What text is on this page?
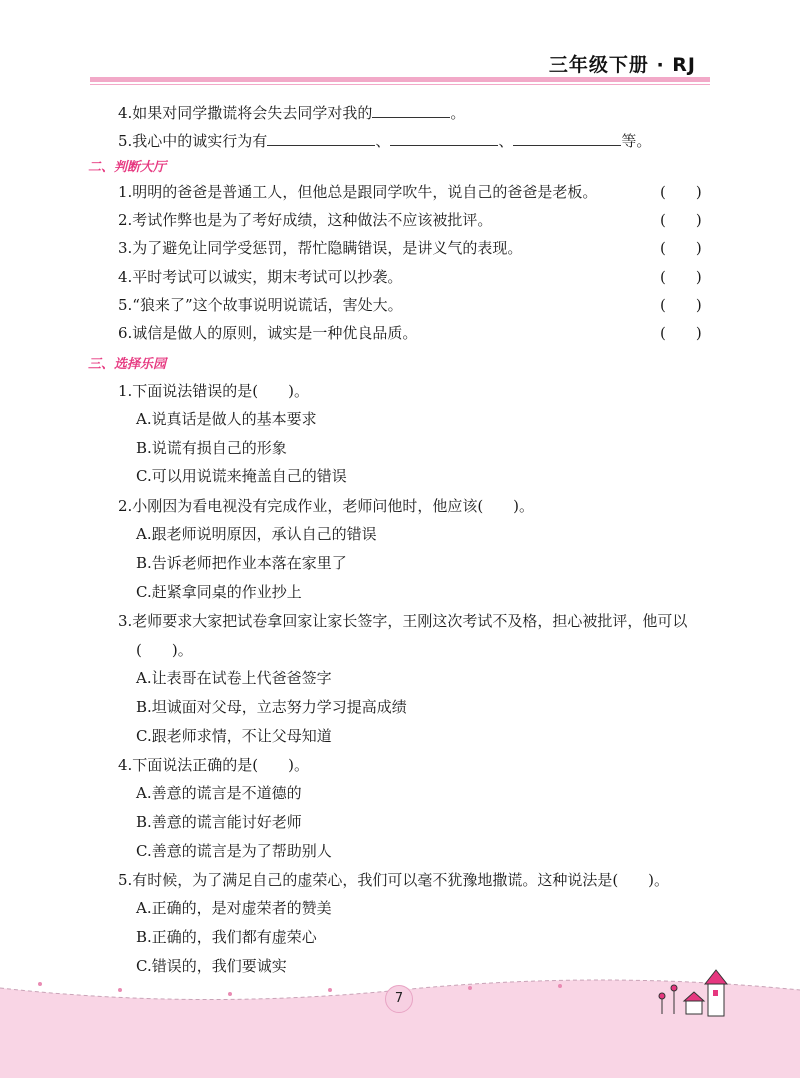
三年级下册 · RJ
4.如果对同学撒谎将会失去同学对我的	。
5.我心中的诚实行为有	、	、	等。
二、判断大厅
1.明明的爸爸是普通工人，但他总是跟同学吹牛，说自己的爸爸是老板。	(　　)
2.考试作弊也是为了考好成绩，这种做法不应该被批评。	(　　)
3.为了避免让同学受惩罚，帮忙隐瞒错误，是讲义气的表现。	(　　)
4.平时考试可以诚实，期末考试可以抄袭。	(　　)
5.“狼来了”这个故事说明说谎话，害处大。	(　　)
6.诚信是做人的原则，诚实是一种优良品质。	(　　)
三、选择乐园
1.下面说法错误的是(　　)。
A.说真话是做人的基本要求
B.说谎有损自己的形象
C.可以用说谎来掩盖自己的错误
2.小刚因为看电视没有完成作业，老师问他时，他应该(　　)。
A.跟老师说明原因，承认自己的错误
B.告诉老师把作业本落在家里了
C.赶紧拿同桌的作业抄上
3.老师要求大家把试卷拿回家让家长签字，王刚这次考试不及格，担心被批评，他可以
(　　)。
A.让表哥在试卷上代爸爸签字
B.坦诚面对父母，立志努力学习提高成绩
C.跟老师求情，不让父母知道
4.下面说法正确的是(　　)。
A.善意的谎言是不道德的
B.善意的谎言能讨好老师
C.善意的谎言是为了帮助别人
5.有时候，为了满足自己的虚荣心，我们可以毫不犹豫地撒谎。这种说法是(　　)。
A.正确的，是对虚荣者的赞美
B.正确的，我们都有虚荣心
C.错误的，我们要诚实
7
